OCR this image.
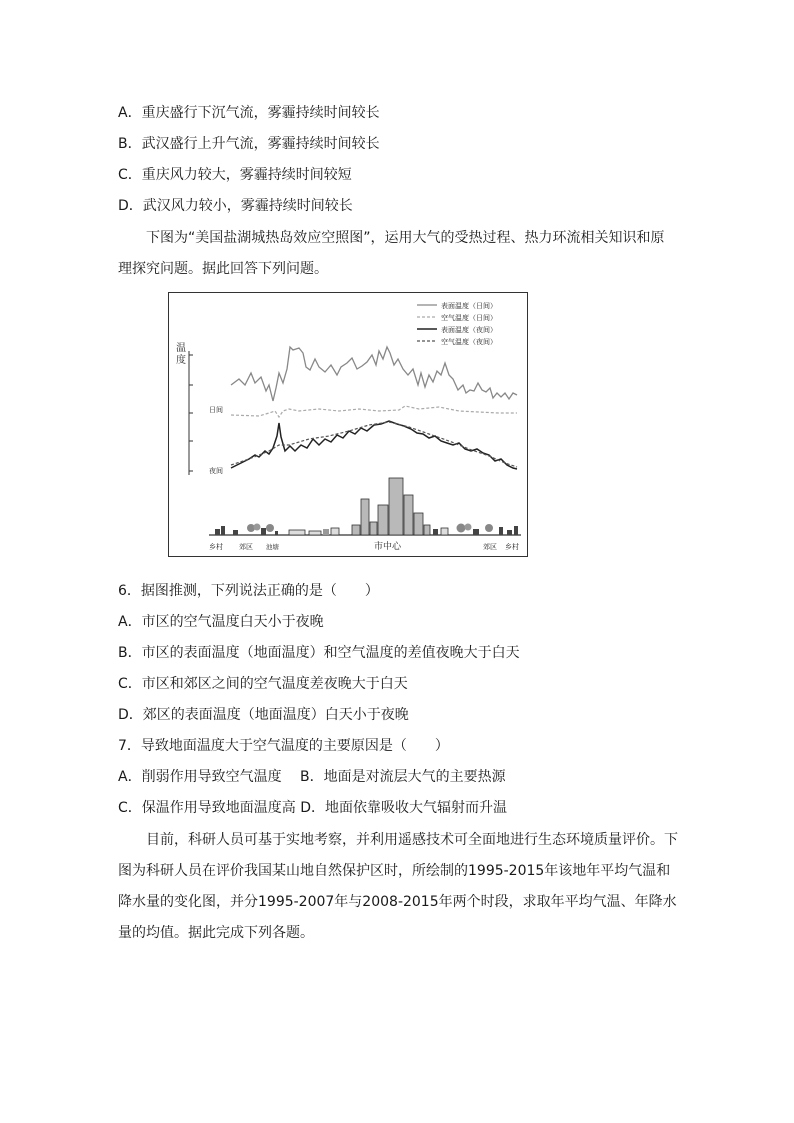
A．重庆盛行下沉气流，雾霾持续时间较长
B．武汉盛行上升气流，雾霾持续时间较长
C．重庆风力较大，雾霾持续时间较短
D．武汉风力较小，雾霾持续时间较长
下图为“美国盐湖城热岛效应空照图”，运用大气的受热过程、热力环流相关知识和原理探究问题。据此回答下列问题。
表面温度（日间）
空气温度（日间）
表面温度（夜间）
空气温度（夜间）
温
度
日间
夜间
乡村 郊区 池塘	市中心	郊区 乡村
6．据图推测，下列说法正确的是（　　）
A．市区的空气温度白天小于夜晚
B．市区的表面温度（地面温度）和空气温度的差值夜晚大于白天
C．市区和郊区之间的空气温度差夜晚大于白天
D．郊区的表面温度（地面温度）白天小于夜晚
7．导致地面温度大于空气温度的主要原因是（　　）
A．削弱作用导致空气温度　 B．地面是对流层大气的主要热源
C．保温作用导致地面温度高 D．地面依靠吸收大气辐射而升温
目前，科研人员可基于实地考察，并利用遥感技术可全面地进行生态环境质量评价。下图为科研人员在评价我国某山地自然保护区时，所绘制的1995-2015年该地年平均气温和降水量的变化图，并分1995-2007年与2008-2015年两个时段，求取年平均气温、年降水量的均值。据此完成下列各题。
